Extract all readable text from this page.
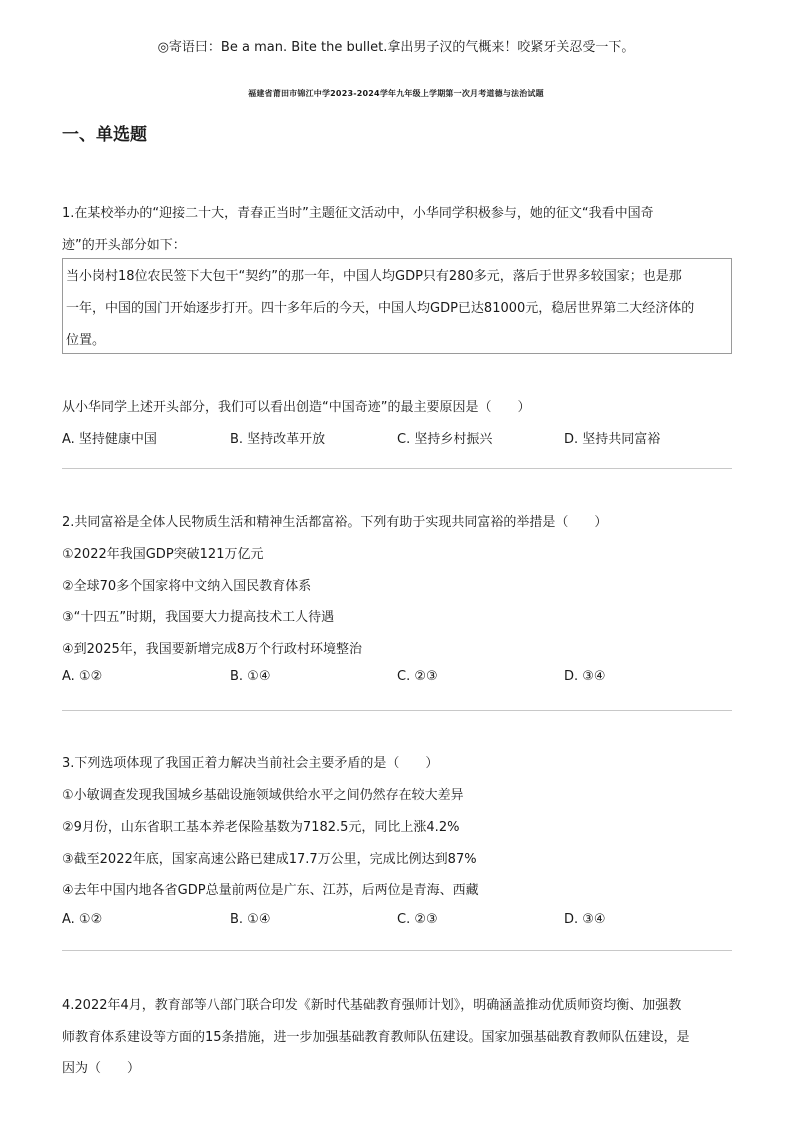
◎寄语曰：Be a man. Bite the bullet.拿出男子汉的气概来！咬紧牙关忍受一下。
福建省莆田市锦江中学2023-2024学年九年级上学期第一次月考道德与法治试题
一、单选题
1.在某校举办的“迎接二十大，青春正当时”主题征文活动中，小华同学积极参与，她的征文“我看中国奇
迹”的开头部分如下：
当小岗村18位农民签下大包干“契约”的那一年，中国人均GDP只有280多元，落后于世界多较国家；也是那
一年，中国的国门开始逐步打开。四十多年后的今天，中国人均GDP已达81000元，稳居世界第二大经济体的
位置。
从小华同学上述开头部分，我们可以看出创造“中国奇迹”的最主要原因是（　　）
A. 坚持健康中国	B. 坚持改革开放	C. 坚持乡村振兴	D. 坚持共同富裕
2.共同富裕是全体人民物质生活和精神生活都富裕。下列有助于实现共同富裕的举措是（　　）
①2022年我国GDP突破121万亿元
②全球70多个国家将中文纳入国民教育体系
③“十四五”时期，我国要大力提高技术工人待遇
④到2025年，我国要新增完成8万个行政村环境整治
A. ①②	B. ①④	C. ②③	D. ③④
3.下列选项体现了我国正着力解决当前社会主要矛盾的是（　　）
①小敏调查发现我国城乡基础设施领域供给水平之间仍然存在较大差异
②9月份，山东省职工基本养老保险基数为7182.5元，同比上涨4.2%
③截至2022年底，国家高速公路已建成17.7万公里，完成比例达到87%
④去年中国内地各省GDP总量前两位是广东、江苏，后两位是青海、西藏
A. ①②	B. ①④	C. ②③	D. ③④
4.2022年4月，教育部等八部门联合印发《新时代基础教育强师计划》，明确涵盖推动优质师资均衡、加强教
师教育体系建设等方面的15条措施，进一步加强基础教育教师队伍建设。国家加强基础教育教师队伍建设，是
因为（　　）
